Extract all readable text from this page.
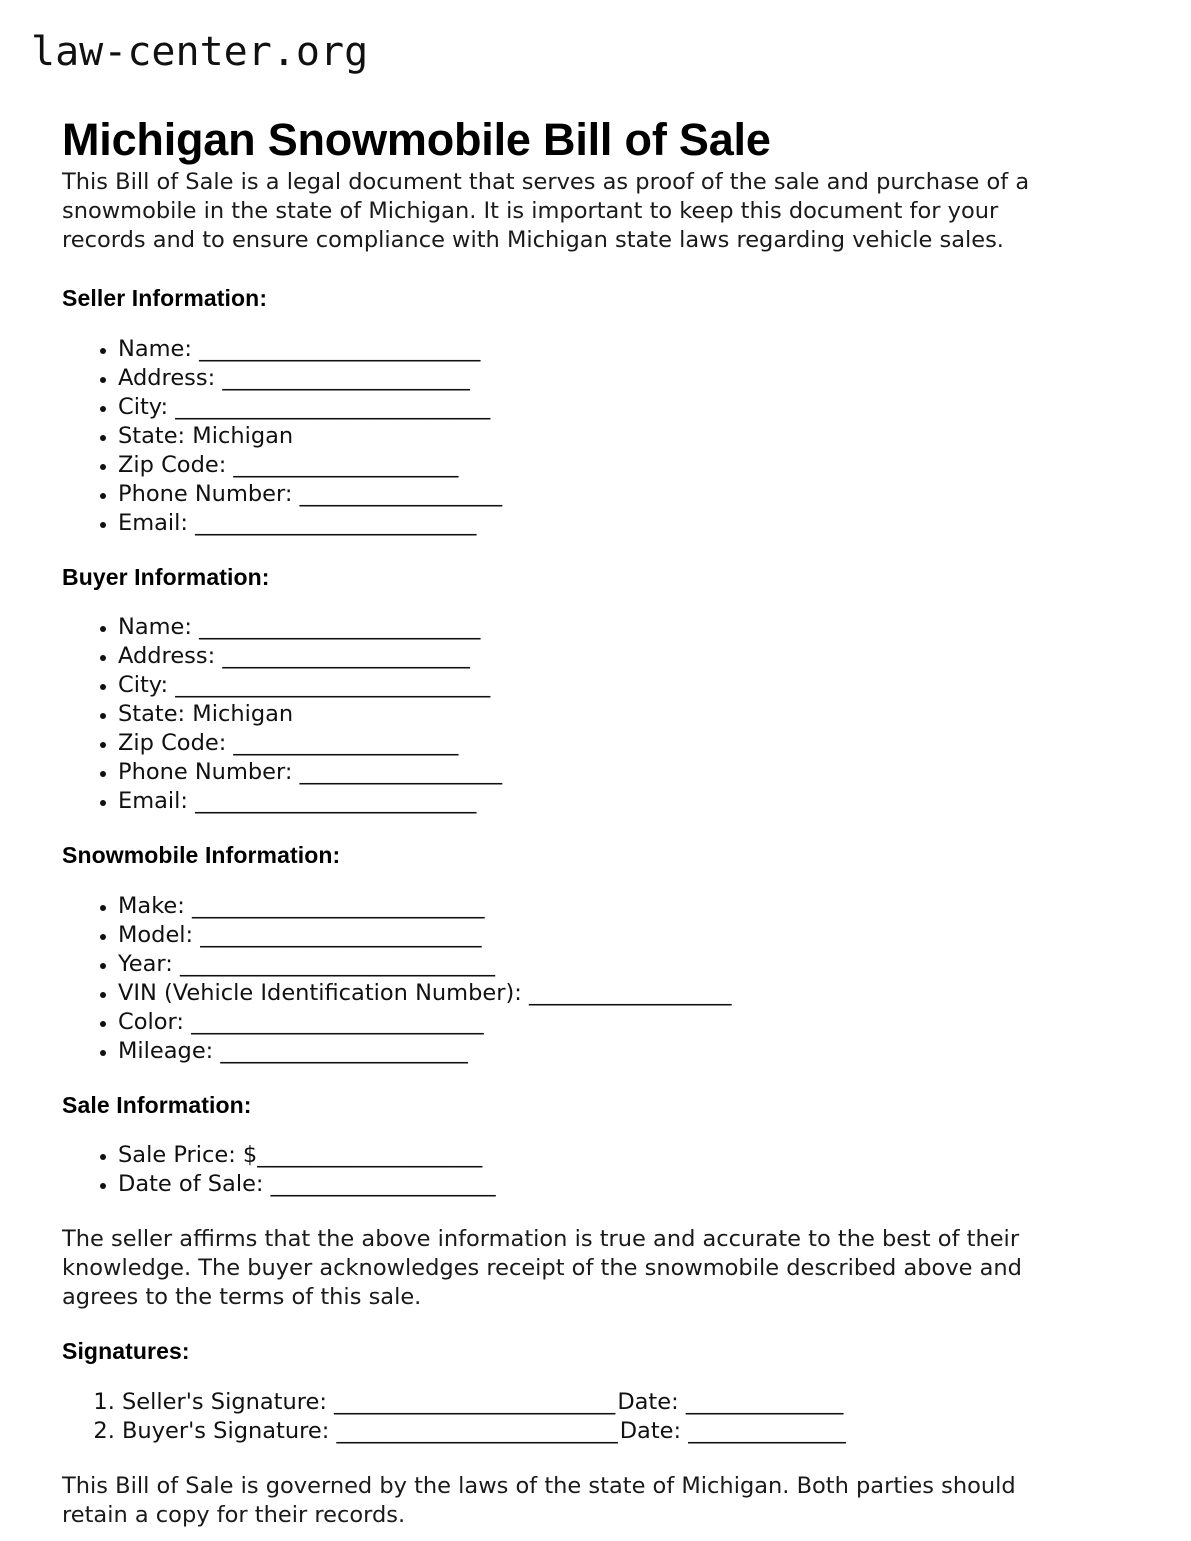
law-center.org
Michigan Snowmobile Bill of Sale

This Bill of Sale is a legal document that serves as proof of the sale and purchase of a snowmobile in the state of Michigan. It is important to keep this document for your records and to ensure compliance with Michigan state laws regarding vehicle sales.

Seller Information:
• Name: _________________________
• Address: ______________________
• City: ____________________________
• State: Michigan
• Zip Code: ____________________
• Phone Number: __________________
• Email: _________________________
Buyer Information:
• Name: _________________________
• Address: ______________________
• City: ____________________________
• State: Michigan
• Zip Code: ____________________
• Phone Number: __________________
• Email: _________________________
Snowmobile Information:
• Make: __________________________
• Model: _________________________
• Year: ____________________________
• VIN (Vehicle Identification Number): __________________
• Color: __________________________
• Mileage: ______________________
Sale Information:
• Sale Price: $____________________
• Date of Sale: ____________________

The seller affirms that the above information is true and accurate to the best of their knowledge. The buyer acknowledges receipt of the snowmobile described above and agrees to the terms of this sale.

Signatures:
1. Seller's Signature: _________________________Date: ______________
2. Buyer's Signature: _________________________Date: ______________

This Bill of Sale is governed by the laws of the state of Michigan. Both parties should retain a copy for their records.
